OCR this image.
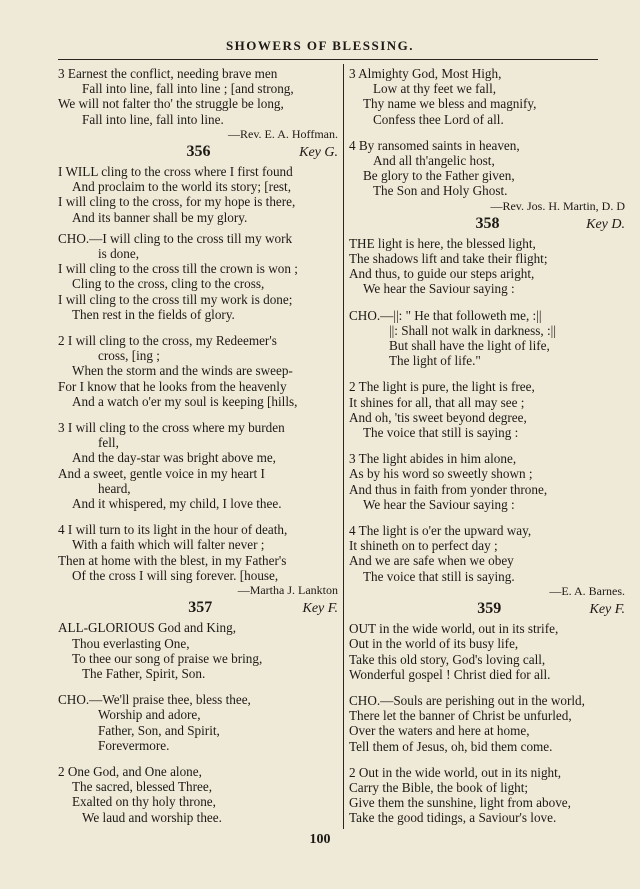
SHOWERS OF BLESSING.
3 Earnest the conflict, needing brave men
Fall into line, fall into line ; [and strong,
We will not falter tho' the struggle be long,
Fall into line, fall into line.
—Rev. E. A. Hoffman.
356	Key G.
I WILL cling to the cross where I first found
And proclaim to the world its story; [rest,
I will cling to the cross, for my hope is there,
And its banner shall be my glory.
CHO.—I will cling to the cross till my work
is done,
I will cling to the cross till the crown is won ;
Cling to the cross, cling to the cross,
I will cling to the cross till my work is done;
Then rest in the fields of glory.
2 I will cling to the cross, my Redeemer's
cross, [ing ;
When the storm and the winds are sweep-
For I know that he looks from the heavenly
And a watch o'er my soul is keeping [hills,
3 I will cling to the cross where my burden
fell,
And the day-star was bright above me,
And a sweet, gentle voice in my heart I
heard,
And it whispered, my child, I love thee.
4 I will turn to its light in the hour of death,
With a faith which will falter never ;
Then at home with the blest, in my Father's
Of the cross I will sing forever. [house,
—Martha J. Lankton
357	Key F.
ALL-GLORIOUS God and King,
Thou everlasting One,
To thee our song of praise we bring,
The Father, Spirit, Son.
CHO.—We'll praise thee, bless thee,
Worship and adore,
Father, Son, and Spirit,
Forevermore.
2 One God, and One alone,
The sacred, blessed Three,
Exalted on thy holy throne,
We laud and worship thee.
3 Almighty God, Most High,
Low at thy feet we fall,
Thy name we bless and magnify,
Confess thee Lord of all.
4 By ransomed saints in heaven,
And all th'angelic host,
Be glory to the Father given,
The Son and Holy Ghost.
—Rev. Jos. H. Martin, D. D
358	Key D.
THE light is here, the blessed light,
The shadows lift and take their flight;
And thus, to guide our steps aright,
We hear the Saviour saying :
CHO.—||: " He that followeth me, :||
||: Shall not walk in darkness, :||
But shall have the light of life,
The light of life."
2 The light is pure, the light is free,
It shines for all, that all may see ;
And oh, 'tis sweet beyond degree,
The voice that still is saying :
3 The light abides in him alone,
As by his word so sweetly shown ;
And thus in faith from yonder throne,
We hear the Saviour saying :
4 The light is o'er the upward way,
It shineth on to perfect day ;
And we are safe when we obey
The voice that still is saying.
—E. A. Barnes.
359	Key F.
OUT in the wide world, out in its strife,
Out in the world of its busy life,
Take this old story, God's loving call,
Wonderful gospel ! Christ died for all.
CHO.—Souls are perishing out in the world,
There let the banner of Christ be unfurled,
Over the waters and here at home,
Tell them of Jesus, oh, bid them come.
2 Out in the wide world, out in its night,
Carry the Bible, the book of light;
Give them the sunshine, light from above,
Take the good tidings, a Saviour's love.
100
